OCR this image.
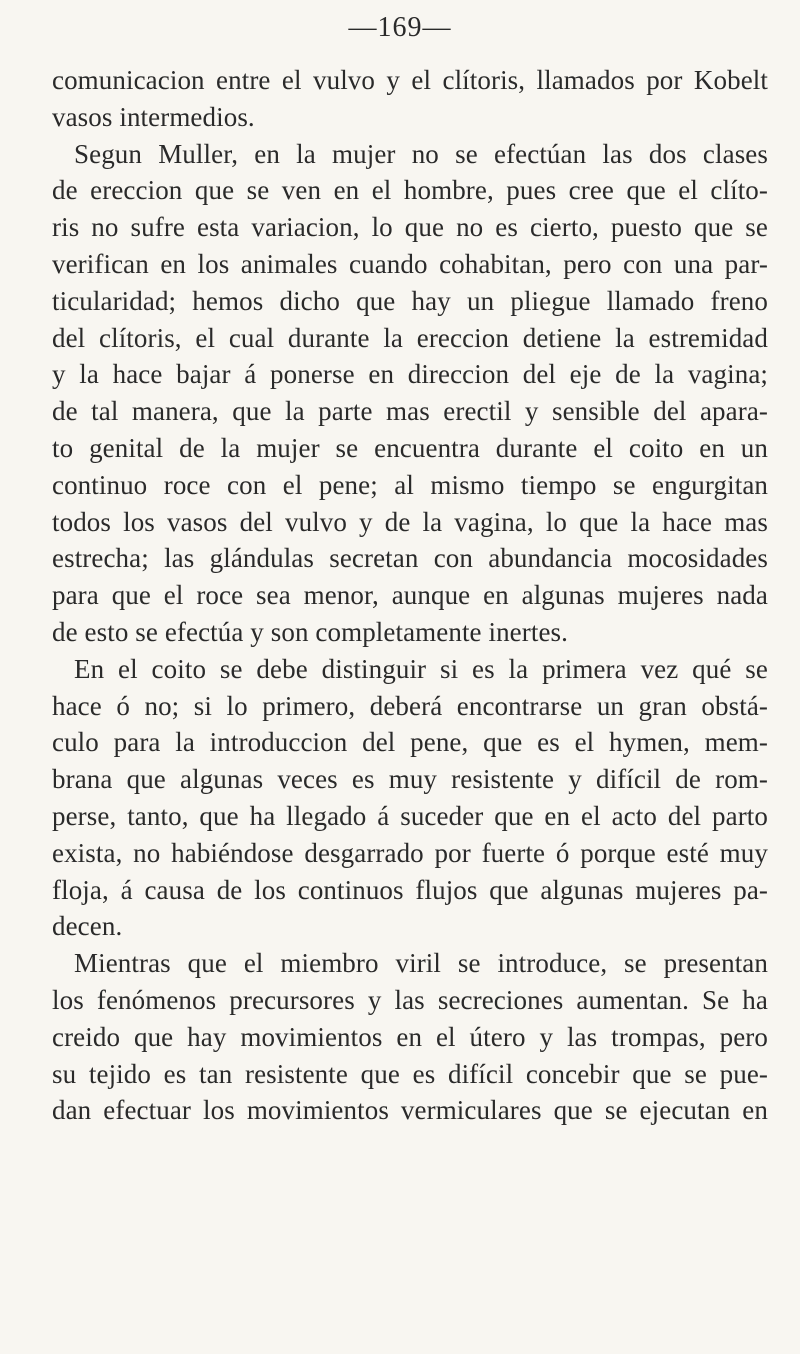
—169—
comunicacion entre el vulvo y el clítoris, llamados por Kobelt
vasos intermedios.
Segun Muller, en la mujer no se efectúan las dos clases
de ereccion que se ven en el hombre, pues cree que el clíto-
ris no sufre esta variacion, lo que no es cierto, puesto que se
verifican en los animales cuando cohabitan, pero con una par-
ticularidad; hemos dicho que hay un pliegue llamado freno
del clítoris, el cual durante la ereccion detiene la estremidad
y la hace bajar á ponerse en direccion del eje de la vagina;
de tal manera, que la parte mas erectil y sensible del apara-
to genital de la mujer se encuentra durante el coito en un
continuo roce con el pene; al mismo tiempo se engurgitan
todos los vasos del vulvo y de la vagina, lo que la hace mas
estrecha; las glándulas secretan con abundancia mocosidades
para que el roce sea menor, aunque en algunas mujeres nada
de esto se efectúa y son completamente inertes.
En el coito se debe distinguir si es la primera vez qué se
hace ó no; si lo primero, deberá encontrarse un gran obstá-
culo para la introduccion del pene, que es el hymen, mem-
brana que algunas veces es muy resistente y difícil de rom-
perse, tanto, que ha llegado á suceder que en el acto del parto
exista, no habiéndose desgarrado por fuerte ó porque esté muy
floja, á causa de los continuos flujos que algunas mujeres pa-
decen.
Mientras que el miembro viril se introduce, se presentan
los fenómenos precursores y las secreciones aumentan. Se ha
creido que hay movimientos en el útero y las trompas, pero
su tejido es tan resistente que es difícil concebir que se pue-
dan efectuar los movimientos vermiculares que se ejecutan en
